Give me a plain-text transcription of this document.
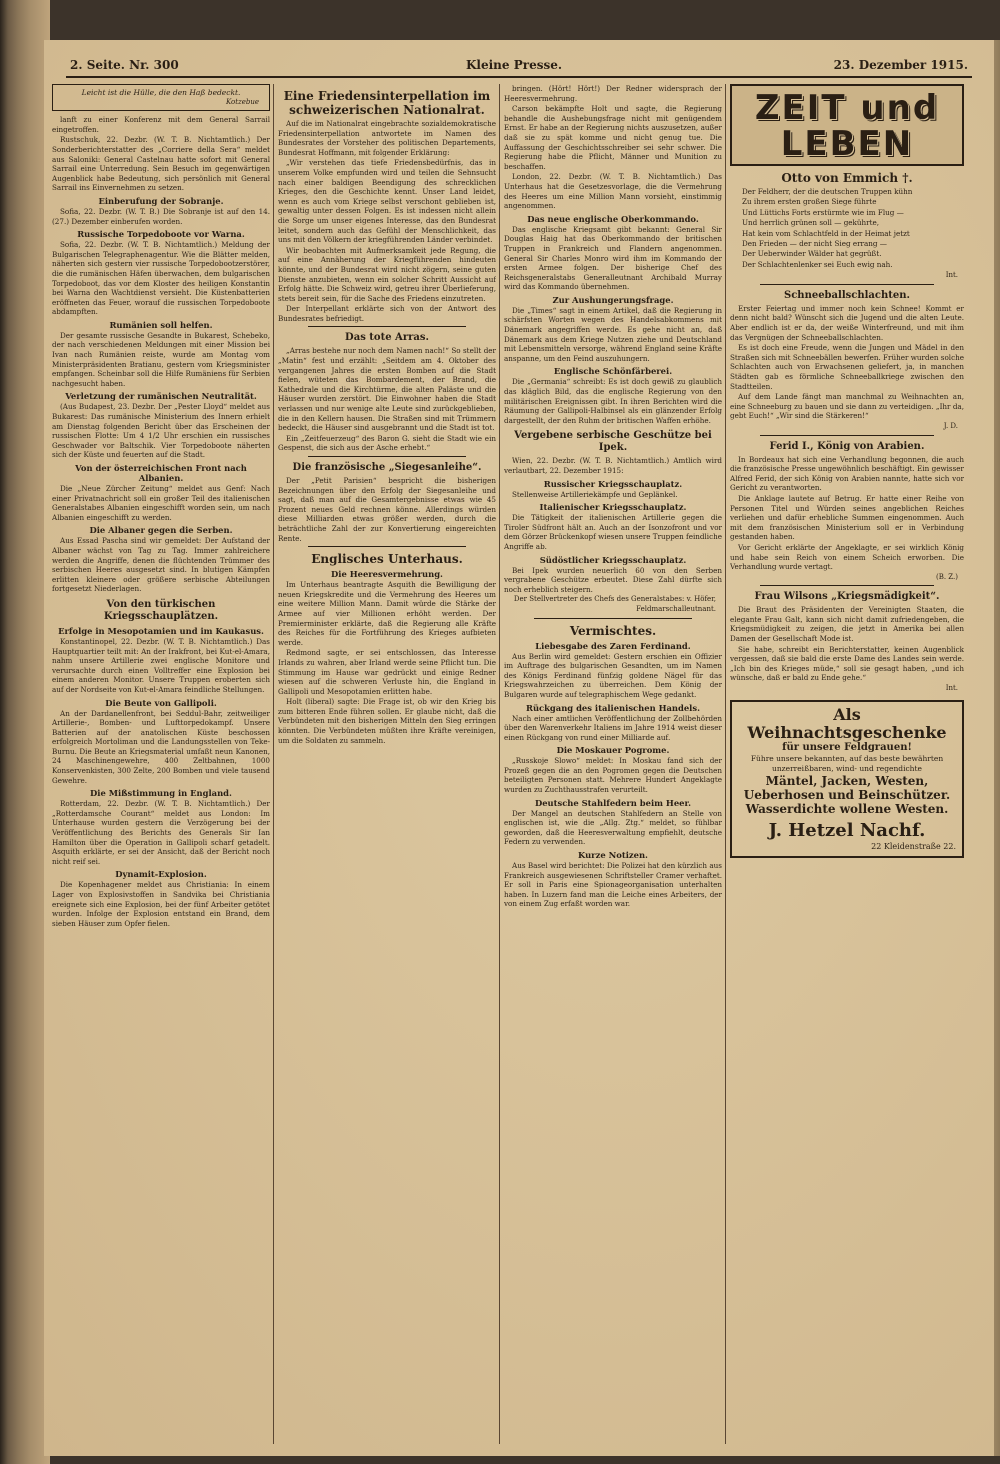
2. Seite. Nr. 300	Kleine Presse.	23. Dezember 1915.
Leicht ist die Hülle, die den Haß bedeckt.
Kotzebue

lanft zu einer Konferenz mit dem General Sarrail eingetroffen.

Rustschuk, 22. Dezbr. (W. T. B. Nichtamtlich.) Der Sonderberichterstatter des „Corriere della Sera“ meldet aus Saloniki: General Castelnau hatte sofort mit General Sarrail eine Unterredung. Sein Besuch im gegenwärtigen Augenblick habe Bedeutung, sich persönlich mit General Sarrail ins Einvernehmen zu setzen.

Einberufung der Sobranje.

Sofia, 22. Dezbr. (W. T. B.) Die Sobranje ist auf den 14. (27.) Dezember einberufen worden.

Russische Torpedoboote vor Warna.

Sofia, 22. Dezbr. (W. T. B. Nichtamtlich.) Meldung der Bulgarischen Telegraphenagentur. Wie die Blätter melden, näherten sich gestern vier russische Torpedobootzerstörer, die die rumänischen Häfen überwachen, dem bulgarischen Torpedoboot, das vor dem Kloster des heiligen Konstantin bei Warna den Wachtdienst versieht. Die Küstenbatterien eröffneten das Feuer, worauf die russischen Torpedoboote abdampften.

Rumänien soll helfen.

Der gesamte russische Gesandte in Bukarest, Schebeko, der nach verschiedenen Meldungen mit einer Mission bei Ivan nach Rumänien reiste, wurde am Montag vom Ministerpräsidenten Bratianu, gestern vom Kriegsminister empfangen. Scheinbar soll die Hilfe Rumäniens für Serbien nachgesucht haben.

Verletzung der rumänischen Neutralität.

(Aus Budapest, 23. Dezbr. Der „Pester Lloyd“ meldet aus Bukarest: Das rumänische Ministerium des Innern erhielt am Dienstag folgenden Bericht über das Erscheinen der russischen Flotte: Um 4 1/2 Uhr erschien ein russisches Geschwader vor Baltschik. Vier Torpedoboote näherten sich der Küste und feuerten auf die Stadt.

Von der österreichischen Front nach Albanien.

Die „Neue Zürcher Zeitung“ meldet aus Genf: Nach einer Privatnachricht soll ein großer Teil des italienischen Generalstabes Albanien eingeschifft worden sein, um nach Albanien eingeschifft zu werden.

Die Albaner gegen die Serben.

Aus Essad Pascha sind wir gemeldet: Der Aufstand der Albaner wächst von Tag zu Tag. Immer zahlreichere werden die Angriffe, denen die flüchtenden Trümmer des serbischen Heeres ausgesetzt sind. In blutigen Kämpfen erlitten kleinere oder größere serbische Abteilungen fortgesetzt Niederlagen.

Von den türkischen Kriegsschauplätzen.
Erfolge in Mesopotamien und im Kaukasus.

Konstantinopel, 22. Dezbr. (W. T. B. Nichtamtlich.) Das Hauptquartier teilt mit: An der Irakfront, bei Kut-el-Amara, nahm unsere Artillerie zwei englische Monitore und verursachte durch einen Volltreffer eine Explosion bei einem anderen Monitor. Unsere Truppen eroberten sich auf der Nordseite von Kut-el-Amara feindliche Stellungen.

Die Beute von Gallipoli.

An der Dardanellenfront, bei Seddul-Bahr, zeitweiliger Artillerie-, Bomben- und Lufttorpedokampf. Unsere Batterien auf der anatolischen Küste beschossen erfolgreich Mortoliman und die Landungsstellen von Teke-Burnu. Die Beute an Kriegsmaterial umfaßt neun Kanonen, 24 Maschinengewehre, 400 Zeltbahnen, 1000 Konservenkisten, 300 Zelte, 200 Bomben und viele tausend Gewehre.

Die Mißstimmung in England.

Rotterdam, 22. Dezbr. (W. T. B. Nichtamtlich.) Der „Rotterdamsche Courant“ meldet aus London: Im Unterhause wurden gestern die Verzögerung bei der Veröffentlichung des Berichts des Generals Sir Ian Hamilton über die Operation in Gallipoli scharf getadelt. Asquith erklärte, er sei der Ansicht, daß der Bericht noch nicht reif sei.

Dynamit-Explosion.

Die Kopenhagener meldet aus Christiania: In einem Lager von Explosivstoffen in Sandvika bei Christiania ereignete sich eine Explosion, bei der fünf Arbeiter getötet wurden. Infolge der Explosion entstand ein Brand, dem sieben Häuser zum Opfer fielen.

Eine Friedensinterpellation im schweizerischen Nationalrat.

Auf die im Nationalrat eingebrachte sozialdemokratische Friedensinterpellation antwortete im Namen des Bundesrates der Vorsteher des politischen Departements, Bundesrat Hoffmann, mit folgender Erklärung:

„Wir verstehen das tiefe Friedensbedürfnis, das in unserem Volke empfunden wird und teilen die Sehnsucht nach einer baldigen Beendigung des schrecklichen Krieges, den die Geschichte kennt. Unser Land leidet, wenn es auch vom Kriege selbst verschont geblieben ist, gewaltig unter dessen Folgen. Es ist indessen nicht allein die Sorge um unser eigenes Interesse, das den Bundesrat leitet, sondern auch das Gefühl der Menschlichkeit, das uns mit den Völkern der kriegführenden Länder verbindet.

Wir beobachten mit Aufmerksamkeit jede Regung, die auf eine Annäherung der Kriegführenden hindeuten könnte, und der Bundesrat wird nicht zögern, seine guten Dienste anzubieten, wenn ein solcher Schritt Aussicht auf Erfolg hätte. Die Schweiz wird, getreu ihrer Überlieferung, stets bereit sein, für die Sache des Friedens einzutreten.

Der Interpellant erklärte sich von der Antwort des Bundesrates befriedigt.

Das tote Arras.

„Arras bestehe nur noch dem Namen nach!“ So stellt der „Matin“ fest und erzählt: „Seitdem am 4. Oktober des vergangenen Jahres die ersten Bomben auf die Stadt fielen, wüteten das Bombardement, der Brand, die Kathedrale und die Kirchtürme, die alten Paläste und die Häuser wurden zerstört. Die Einwohner haben die Stadt verlassen und nur wenige alte Leute sind zurückgeblieben, die in den Kellern hausen. Die Straßen sind mit Trümmern bedeckt, die Häuser sind ausgebrannt und die Stadt ist tot.

Ein „Zeitfeuerzeug“ des Baron G. sieht die Stadt wie ein Gespenst, die sich aus der Asche erhebt.“

Die französische „Siegesanleihe“.

Der „Petit Parisien“ bespricht die bisherigen Bezeichnungen über den Erfolg der Siegesanleihe und sagt, daß man auf die Gesamtergebnisse etwas wie 45 Prozent neues Geld rechnen könne. Allerdings würden diese Milliarden etwas größer werden, durch die beträchtliche Zahl der zur Konvertierung eingereichten Rente.

Englisches Unterhaus.
Die Heeresvermehrung.

Im Unterhaus beantragte Asquith die Bewilligung der neuen Kriegskredite und die Vermehrung des Heeres um eine weitere Million Mann. Damit würde die Stärke der Armee auf vier Millionen erhöht werden. Der Premierminister erklärte, daß die Regierung alle Kräfte des Reiches für die Fortführung des Krieges aufbieten werde.

Redmond sagte, er sei entschlossen, das Interesse Irlands zu wahren, aber Irland werde seine Pflicht tun. Die Stimmung im Hause war gedrückt und einige Redner wiesen auf die schweren Verluste hin, die England in Gallipoli und Mesopotamien erlitten habe.

Holt (liberal) sagte: Die Frage ist, ob wir den Krieg bis zum bitteren Ende führen sollen. Er glaube nicht, daß die Verbündeten mit den bisherigen Mitteln den Sieg erringen könnten. Die Verbündeten müßten ihre Kräfte vereinigen, um die Soldaten zu sammeln.

bringen. (Hört! Hört!) Der Redner widersprach der Heeresvermehrung.

Carson bekämpfte Holt und sagte, die Regierung behandle die Aushebungsfrage nicht mit genügendem Ernst. Er habe an der Regierung nichts auszusetzen, außer daß sie zu spät komme und nicht genug tue. Die Auffassung der Geschichtsschreiber sei sehr schwer. Die Regierung habe die Pflicht, Männer und Munition zu beschaffen.

London, 22. Dezbr. (W. T. B. Nichtamtlich.) Das Unterhaus hat die Gesetzesvorlage, die die Vermehrung des Heeres um eine Million Mann vorsieht, einstimmig angenommen.

Das neue englische Oberkommando.

Das englische Kriegsamt gibt bekannt: General Sir Douglas Haig hat das Oberkommando der britischen Truppen in Frankreich und Flandern angenommen. General Sir Charles Monro wird ihm im Kommando der ersten Armee folgen. Der bisherige Chef des Reichsgeneralstabs Generalleutnant Archibald Murray wird das Kommando übernehmen.

Zur Aushungerungsfrage.

Die „Times“ sagt in einem Artikel, daß die Regierung in schärfsten Worten wegen des Handelsabkommens mit Dänemark angegriffen werde. Es gehe nicht an, daß Dänemark aus dem Kriege Nutzen ziehe und Deutschland mit Lebensmitteln versorge, während England seine Kräfte anspanne, um den Feind auszuhungern.

Englische Schönfärberei.

Die „Germania“ schreibt: Es ist doch gewiß zu glaublich das kläglich Bild, das die englische Regierung von den militärischen Ereignissen gibt. In ihren Berichten wird die Räumung der Gallipoli-Halbinsel als ein glänzender Erfolg dargestellt, der den Ruhm der britischen Waffen erhöhe.

Vergebene serbische Geschütze bei Ipek.

Wien, 22. Dezbr. (W. T. B. Nichtamtlich.) Amtlich wird verlautbart, 22. Dezember 1915:

Russischer Kriegsschauplatz.

Stellenweise Artilleriekämpfe und Geplänkel.

Italienischer Kriegsschauplatz.

Die Tätigkeit der italienischen Artillerie gegen die Tiroler Südfront hält an. Auch an der Isonzofront und vor dem Görzer Brückenkopf wiesen unsere Truppen feindliche Angriffe ab.

Südöstlicher Kriegsschauplatz.

Bei Ipek wurden neuerlich 60 von den Serben vergrabene Geschütze erbeutet. Diese Zahl dürfte sich noch erheblich steigern.

Der Stellvertreter des Chefs des Generalstabes: v. Höfer, Feldmarschalleutnant.

Vermischtes.
Liebesgabe des Zaren Ferdinand.

Aus Berlin wird gemeldet: Gestern erschien ein Offizier im Auftrage des bulgarischen Gesandten, um im Namen des Königs Ferdinand fünfzig goldene Nägel für das Kriegswahrzeichen zu überreichen. Dem König der Bulgaren wurde auf telegraphischem Wege gedankt.

Rückgang des italienischen Handels.

Nach einer amtlichen Veröffentlichung der Zollbehörden über den Warenverkehr Italiens im Jahre 1914 weist dieser einen Rückgang von rund einer Milliarde auf.

Die Moskauer Pogrome.

„Russkoje Slowo“ meldet: In Moskau fand sich der Prozeß gegen die an den Pogromen gegen die Deutschen beteiligten Personen statt. Mehrere Hundert Angeklagte wurden zu Zuchthausstrafen verurteilt.

Deutsche Stahlfedern beim Heer.

Der Mangel an deutschen Stahlfedern an Stelle von englischen ist, wie die „Allg. Ztg.“ meldet, so fühlbar geworden, daß die Heeresverwaltung empfiehlt, deutsche Federn zu verwenden.

Kurze Notizen.

Aus Basel wird berichtet: Die Polizei hat den kürzlich aus Frankreich ausgewiesenen Schriftsteller Cramer verhaftet. Er soll in Paris eine Spionageorganisation unterhalten haben. In Luzern fand man die Leiche eines Arbeiters, der von einem Zug erfaßt worden war.

ZEIT und LEBEN
Otto von Emmich †.

Der Feldherr, der die deutschen Truppen kühn

Zu ihrem ersten großen Siege führte

Und Lüttichs Forts erstürmte wie im Flug —

Und herrlich grünen soll — gekührte,

Hat kein vom Schlachtfeld in der Heimat jetzt

Den Frieden — der nicht Sieg errang —

Der Ueberwinder Wälder hat gegrüßt.

Der Schlachtenlenker sei Euch ewig nah.

Int.
Schneeballschlachten.

Erster Feiertag und immer noch kein Schnee! Kommt er denn nicht bald? Wünscht sich die Jugend und die alten Leute. Aber endlich ist er da, der weiße Winterfreund, und mit ihm das Vergnügen der Schneeballschlachten.

Es ist doch eine Freude, wenn die Jungen und Mädel in den Straßen sich mit Schneebällen bewerfen. Früher wurden solche Schlachten auch von Erwachsenen geliefert, ja, in manchen Städten gab es förmliche Schneeballkriege zwischen den Stadtteilen.

Auf dem Lande fängt man manchmal zu Weihnachten an, eine Schneeburg zu bauen und sie dann zu verteidigen. „Ihr da, gebt Euch!“ „Wir sind die Stärkeren!“

J. D.
Ferid I., König von Arabien.

In Bordeaux hat sich eine Verhandlung begonnen, die auch die französische Presse ungewöhnlich beschäftigt. Ein gewisser Alfred Ferid, der sich König von Arabien nannte, hatte sich vor Gericht zu verantworten.

Die Anklage lautete auf Betrug. Er hatte einer Reihe von Personen Titel und Würden seines angeblichen Reiches verliehen und dafür erhebliche Summen eingenommen. Auch mit dem französischen Ministerium soll er in Verbindung gestanden haben.

Vor Gericht erklärte der Angeklagte, er sei wirklich König und habe sein Reich von einem Scheich erworben. Die Verhandlung wurde vertagt.

(B. Z.)
Frau Wilsons „Kriegsmädigkeit“.

Die Braut des Präsidenten der Vereinigten Staaten, die elegante Frau Galt, kann sich nicht damit zufriedengeben, die Kriegsmüdigkeit zu zeigen, die jetzt in Amerika bei allen Damen der Gesellschaft Mode ist.

Sie habe, schreibt ein Berichterstatter, keinen Augenblick vergessen, daß sie bald die erste Dame des Landes sein werde. „Ich bin des Krieges müde,“ soll sie gesagt haben, „und ich wünsche, daß er bald zu Ende gehe.“

Int.
Als Weihnachtsgeschenke
für unsere Feldgrauen!
Führe unsere bekannten, auf das beste bewährten
unzerreißbaren, wind- und regendichte
Mäntel, Jacken, Westen,
Ueberhosen und Beinschützer.
Wasserdichte wollene Westen.
J. Hetzel Nachf.
22 Kleidenstraße 22.
